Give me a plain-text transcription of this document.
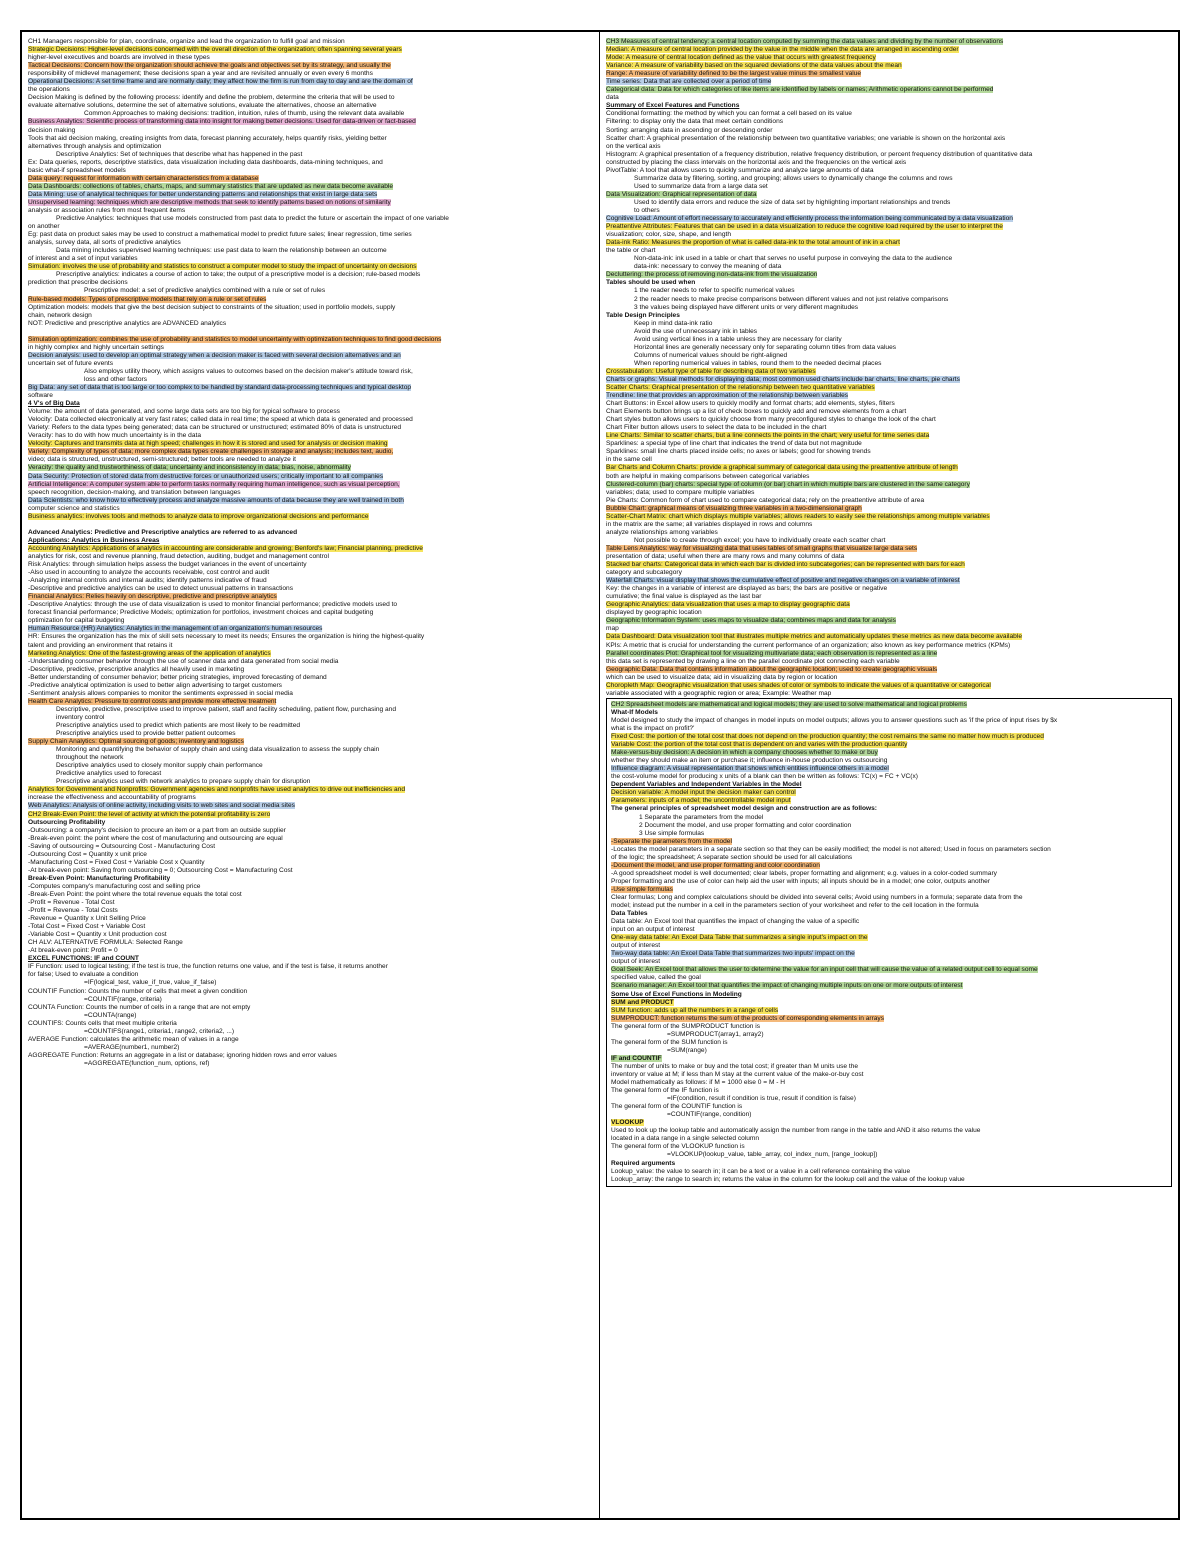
CH1 Managers responsible for plan, coordinate, organize and lead the organization to fulfill goal and mission
Strategic Decisions: Higher-level decisions concerned with the overall direction of the organization; often spanning several years
higher-level executives and boards are involved in these types
Tactical Decisions: Concern how the organization should achieve the goals and objectives set by its strategy, and usually the
responsibility of midlevel management; these decisions span a year and are revisited annually or even every 6 months
Operational Decisions: A set time frame and are normally daily; they affect how the firm is run from day to day and are the domain of
the operations
Decision Making is defined by the following process: identify and define the problem, determine the criteria that will be used to
evaluate alternative solutions, determine the set of alternative solutions, evaluate the alternatives, choose an alternative
Common Approaches to making decisions: tradition, intuition, rules of thumb, using the relevant data available
Business Analytics: Scientific process of transforming data into insight for making better decisions. Used for data-driven or fact-based
decision making
Tools that aid decision making, creating insights from data, forecast planning accurately, helps quantify risks, yielding better
alternatives through analysis and optimization
Descriptive Analytics: Set of techniques that describe what has happened in the past
Ex: Data queries, reports, descriptive statistics, data visualization including data dashboards, data-mining techniques, and
basic what-if spreadsheet models
Data query: request for information with certain characteristics from a database
Data Dashboards: collections of tables, charts, maps, and summary statistics that are updated as new data become available
Data Mining: use of analytical techniques for better understanding patterns and relationships that exist in large data sets
Unsupervised learning: techniques which are descriptive methods that seek to identify patterns based on notions of similarity
analysis or association rules from most frequent items
Predictive Analytics: techniques that use models constructed from past data to predict the future or ascertain the impact of one variable
on another
Eg: past data on product sales may be used to construct a mathematical model to predict future sales; linear regression, time series
analysis, survey data, all sorts of predictive analytics
Data mining includes supervised learning techniques: use past data to learn the relationship between an outcome
of interest and a set of input variables
Simulation: involves the use of probability and statistics to construct a computer model to study the impact of uncertainty on decisions
Prescriptive analytics: indicates a course of action to take; the output of a prescriptive model is a decision; rule-based models
prediction that prescribe decisions
Prescriptive model: a set of predictive analytics combined with a rule or set of rules
Rule-based models: Types of prescriptive models that rely on a rule or set of rules
Optimization models: models that give the best decision subject to constraints of the situation; used in portfolio models, supply
chain, network design
NOT: Predictive and prescriptive analytics are ADVANCED analytics

Simulation optimization: combines the use of probability and statistics to model uncertainty with optimization techniques to find good decisions
in highly complex and highly uncertain settings
Decision analysis: used to develop an optimal strategy when a decision maker is faced with several decision alternatives and an
uncertain set of future events
Also employs utility theory, which assigns values to outcomes based on the decision maker's attitude toward risk,
loss and other factors
Big Data: any set of data that is too large or too complex to be handled by standard data-processing techniques and typical desktop
software
4 V's of Big Data
Volume: the amount of data generated, and some large data sets are too big for typical software to process
Velocity: Data collected electronically at very fast rates; called data in real time; the speed at which data is generated and processed
Variety: Refers to the data types being generated; data can be structured or unstructured; estimated 80% of data is unstructured
Veracity: has to do with how much uncertainty is in the data
Velocity: Captures and transmits data at high speed; challenges in how it is stored and used for analysis or decision making
Variety: Complexity of types of data; more complex data types create challenges in storage and analysis; includes text, audio,
video; data is structured, unstructured, semi-structured; better tools are needed to analyze it
Veracity: the quality and trustworthiness of data; uncertainty and inconsistency in data; bias, noise, abnormality
Data Security: Protection of stored data from destructive forces or unauthorized users; critically important to all companies
Artificial Intelligence: A computer system able to perform tasks normally requiring human intelligence, such as visual perception,
speech recognition, decision-making, and translation between languages
Data Scientists: who know how to effectively process and analyze massive amounts of data because they are well trained in both
computer science and statistics
Business analytics: involves tools and methods to analyze data to improve organizational decisions and performance

Advanced Analytics: Predictive and Prescriptive analytics are referred to as advanced
Applications: Analytics in Business Areas
Accounting Analytics: Applications of analytics in accounting are considerable and growing; Benford's law; Financial planning, predictive
analytics for risk, cost and revenue planning, fraud detection, auditing, budget and management control
Risk Analytics: through simulation helps assess the budget variances in the event of uncertainty
-Also used in accounting to analyze the accounts receivable, cost control and audit
-Analyzing internal controls and internal audits; identify patterns indicative of fraud
-Descriptive and predictive analytics can be used to detect unusual patterns in transactions
Financial Analytics: Relies heavily on descriptive, predictive and prescriptive analytics
-Descriptive Analytics: through the use of data visualization is used to monitor financial performance; predictive models used to
forecast financial performance; Predictive Models; optimization for portfolios, investment choices and capital budgeting
optimization for capital budgeting
Human Resource (HR) Analytics: Analytics in the management of an organization's human resources
HR: Ensures the organization has the mix of skill sets necessary to meet its needs; Ensures the organization is hiring the highest-quality
talent and providing an environment that retains it
Marketing Analytics: One of the fastest-growing areas of the application of analytics
-Understanding consumer behavior through the use of scanner data and data generated from social media
-Descriptive, predictive, prescriptive analytics all heavily used in marketing
-Better understanding of consumer behavior; better pricing strategies, improved forecasting of demand
-Predictive analytical optimization is used to better align advertising to target customers
-Sentiment analysis allows companies to monitor the sentiments expressed in social media
Health Care Analytics: Pressure to control costs and provide more effective treatment
Descriptive, predictive, prescriptive used to improve patient, staff and facility scheduling, patient flow, purchasing and
inventory control
Prescriptive analytics used to predict which patients are most likely to be readmitted
Prescriptive analytics used to provide better patient outcomes
Supply Chain Analytics: Optimal sourcing of goods; inventory and logistics
Monitoring and quantifying the behavior of supply chain and using data visualization to assess the supply chain
throughout the network
Descriptive analytics used to closely monitor supply chain performance
Predictive analytics used to forecast
Prescriptive analytics used with network analytics to prepare supply chain for disruption
Analytics for Government and Nonprofits: Government agencies and nonprofits have used analytics to drive out inefficiencies and
increase the effectiveness and accountability of programs
Web Analytics: Analysis of online activity, including visits to web sites and social media sites
CH2 Break-Even Point: the level of activity at which the potential profitability is zero
Outsourcing Profitability
-Outsourcing: a company's decision to procure an item or a part from an outside supplier
-Break-even point: the point where the cost of manufacturing and outsourcing are equal
-Saving of outsourcing = Outsourcing Cost - Manufacturing Cost
-Outsourcing Cost = Quantity x unit price
-Manufacturing Cost = Fixed Cost + Variable Cost x Quantity
-At break-even point: Saving from outsourcing = 0; Outsourcing Cost = Manufacturing Cost
Break-Even Point: Manufacturing Profitability
-Computes company's manufacturing cost and selling price
-Break-Even Point: the point where the total revenue equals the total cost
-Profit = Revenue - Total Cost
-Profit = Revenue - Total Costs
-Revenue = Quantity x Unit Selling Price
-Total Cost = Fixed Cost + Variable Cost
-Variable Cost = Quantity x Unit production cost
CH ALV: ALTERNATIVE FORMULA: Selected Range
-At break-even point: Profit = 0
EXCEL FUNCTIONS: IF and COUNT
IF Function: used to logical testing; if the test is true, the function returns one value, and if the test is false, it returns another
for false; Used to evaluate a condition
=IF(logical_test, value_if_true, value_if_false)
COUNTIF Function: Counts the number of cells that meet a given condition
=COUNTIF(range, criteria)
COUNTA Function: Counts the number of cells in a range that are not empty
=COUNTA(range)
COUNTIFS: Counts cells that meet multiple criteria
=COUNTIFS(range1, criteria1, range2, criteria2, ...)
AVERAGE Function: calculates the arithmetic mean of values in a range
=AVERAGE(number1, number2)
AGGREGATE Function: Returns an aggregate in a list or database; ignoring hidden rows and error values
=AGGREGATE(function_num, options, ref)
CH3 Measures of central tendency: a central location computed by summing the data values and dividing by the number of observations
Median: A measure of central location provided by the value in the middle when the data are arranged in ascending order
Mode: A measure of central location defined as the value that occurs with greatest frequency
Variance: A measure of variability based on the squared deviations of the data values about the mean
Range: A measure of variability defined to be the largest value minus the smallest value
Time series: Data that are collected over a period of time
Categorical data: Data for which categories of like items are identified by labels or names; Arithmetic operations cannot be performed
data
Summary of Excel Features and Functions
Conditional formatting: the method by which you can format a cell based on its value
Filtering: to display only the data that meet certain conditions
Sorting: arranging data in ascending or descending order
Scatter chart: A graphical presentation of the relationship between two quantitative variables; one variable is shown on the horizontal axis
on the vertical axis
Histogram: A graphical presentation of a frequency distribution, relative frequency distribution, or percent frequency distribution of quantitative data
constructed by placing the class intervals on the horizontal axis and the frequencies on the vertical axis
PivotTable: A tool that allows users to quickly summarize and analyze large amounts of data
Summarize data by filtering, sorting, and grouping; allows users to dynamically change the columns and rows
Used to summarize data from a large data set
Data Visualization: Graphical representation of data
Used to identify data errors and reduce the size of data set by highlighting important relationships and trends
to others
Cognitive Load: Amount of effort necessary to accurately and efficiently process the information being communicated by a data visualization
Preattentive Attributes: Features that can be used in a data visualization to reduce the cognitive load required by the user to interpret the
visualization; color, size, shape, and length
Data-ink Ratio: Measures the proportion of what is called data-ink to the total amount of ink in a chart
the table or chart
Non-data-ink: ink used in a table or chart that serves no useful purpose in conveying the data to the audience
data-ink: necessary to convey the meaning of data
Decluttering: the process of removing non-data-ink from the visualization
Tables should be used when
1 the reader needs to refer to specific numerical values
2 the reader needs to make precise comparisons between different values and not just relative comparisons
3 the values being displayed have different units or very different magnitudes
Table Design Principles
Keep in mind data-ink ratio
Avoid the use of unnecessary ink in tables
Avoid using vertical lines in a table unless they are necessary for clarity
Horizontal lines are generally necessary only for separating column titles from data values
Columns of numerical values should be right-aligned
When reporting numerical values in tables, round them to the needed decimal places
Crosstabulation: Useful type of table for describing data of two variables
Charts or graphs: Visual methods for displaying data; most common used charts include bar charts, line charts, pie charts
Scatter Charts: Graphical presentation of the relationship between two quantitative variables
Trendline: line that provides an approximation of the relationship between variables
Chart Buttons: in Excel allow users to quickly modify and format charts; add elements, styles, filters
Chart Elements button brings up a list of check boxes to quickly add and remove elements from a chart
Chart styles button allows users to quickly choose from many preconfigured styles to change the look of the chart
Chart Filter button allows users to select the data to be included in the chart
Line Charts: Similar to scatter charts, but a line connects the points in the chart; very useful for time series data
Sparklines: a special type of line chart that indicates the trend of data but not magnitude
Sparklines: small line charts placed inside cells; no axes or labels; good for showing trends
in the same cell
Bar Charts and Column Charts: provide a graphical summary of categorical data using the preattentive attribute of length
both are helpful in making comparisons between categorical variables
Clustered-column (bar) charts: special type of column (or bar) chart in which multiple bars are clustered in the same category
variables; data; used to compare multiple variables
Pie Charts: Common form of chart used to compare categorical data; rely on the preattentive attribute of area
Bubble Chart: graphical means of visualizing three variables in a two-dimensional graph
Scatter-Chart Matrix: chart which displays multiple variables; allows readers to easily see the relationships among multiple variables
in the matrix are the same; all variables displayed in rows and columns
analyze relationships among variables
Not possible to create through excel; you have to individually create each scatter chart
Table Lens Analytics: way for visualizing data that uses tables of small graphs that visualize large data sets
presentation of data; useful when there are many rows and many columns of data
Stacked bar charts: Categorical data in which each bar is divided into subcategories; can be represented with bars for each
category and subcategory
Waterfall Charts: visual display that shows the cumulative effect of positive and negative changes on a variable of interest
Key: the changes in a variable of interest are displayed as bars; the bars are positive or negative
cumulative; the final value is displayed as the last bar
Geographic Analytics: data visualization that uses a map to display geographic data
displayed by geographic location
Geographic Information System: uses maps to visualize data; combines maps and data for analysis
map
Data Dashboard: Data visualization tool that illustrates multiple metrics and automatically updates these metrics as new data become available
KPIs: A metric that is crucial for understanding the current performance of an organization; also known as key performance metrics (KPMs)
Parallel coordinates Plot: Graphical tool for visualizing multivariate data; each observation is represented as a line
this data set is represented by drawing a line on the parallel coordinate plot connecting each variable
Geographic Data: Data that contains information about the geographic location; used to create geographic visuals
which can be used to visualize data; aid in visualizing data by region or location
Choropleth Map: Geographic visualization that uses shades of color or symbols to indicate the values of a quantitative or categorical
variable associated with a geographic region or area; Example: Weather map
CH2 Spreadsheet models are mathematical and logical models; they are used to solve mathematical and logical problems
What-If Models
Model designed to study the impact of changes in model inputs on model outputs; allows you to answer questions such as 'if the price of input rises by $x
what is the impact on profit?'
Fixed Cost: the portion of the total cost that does not depend on the production quantity; the cost remains the same no matter how much is produced
Variable Cost: the portion of the total cost that is dependent on and varies with the production quantity
Make-versus-buy decision: A decision in which a company chooses whether to make or buy
whether they should make an item or purchase it; influence in-house production vs outsourcing
Influence diagram: A visual representation that shows which entities influence others in a model
the cost-volume model for producing x units of a blank can then be written as follows: TC(x) = FC + VC(x)
Dependent Variables and Independent Variables in the Model
Decision variable: A model input the decision maker can control
Parameters: inputs of a model; the uncontrollable model input
The general principles of spreadsheet model design and construction are as follows:
1 Separate the parameters from the model
2 Document the model, and use proper formatting and color coordination
3 Use simple formulas
-Separate the parameters from the model
-Locates the model parameters in a separate section so that they can be easily modified; the model is not altered; Used in focus on parameters section
of the logic; the spreadsheet; A separate section should be used for all calculations
-Document the model, and use proper formatting and color coordination
-A good spreadsheet model is well documented; clear labels, proper formatting and alignment; e.g. values in a color-coded summary
Proper formatting and the use of color can help aid the user with inputs; all inputs should be in a model; one color, outputs another
-Use simple formulas
Clear formulas; Long and complex calculations should be divided into several cells; Avoid using numbers in a formula; separate data from the
model; instead put the number in a cell in the parameters section of your worksheet and refer to the cell location in the formula
Data Tables
Data table: An Excel tool that quantifies the impact of changing the value of a specific
input on an output of interest
One-way data table: An Excel Data Table that summarizes a single input's impact on the
output of interest
Two-way data table: An Excel Data Table that summarizes two inputs' impact on the
output of interest
Goal Seek: An Excel tool that allows the user to determine the value for an input cell that will cause the value of a related output cell to equal some
specified value, called the goal
Scenario manager: An Excel tool that quantifies the impact of changing multiple inputs on one or more outputs of interest
Some Use of Excel Functions in Modeling
SUM and PRODUCT
SUM function: adds up all the numbers in a range of cells
SUMPRODUCT: function returns the sum of the products of corresponding elements in arrays
The general form of the SUMPRODUCT function is
=SUMPRODUCT(array1, array2)
The general form of the SUM function is
=SUM(range)
IF and COUNTIF
The number of units to make or buy and the total cost; if greater than M units use the
inventory or value at M; if less than M stay at the current value of the make-or-buy cost
Model mathematically as follows: if M = 1000 else 0 = M - H
The general form of the IF function is
=IF(condition, result if condition is true, result if condition is false)
The general form of the COUNTIF function is
=COUNTIF(range, condition)
VLOOKUP
Used to look up the lookup table and automatically assign the number from range in the table and AND it also returns the value
located in a data range in a single selected column
The general form of the VLOOKUP function is
=VLOOKUP(lookup_value, table_array, col_index_num, [range_lookup])
Required arguments
Lookup_value: the value to search in; it can be a text or a value in a cell reference containing the value
Lookup_array: the range to search in; returns the value in the column for the lookup cell and the value of the lookup value
